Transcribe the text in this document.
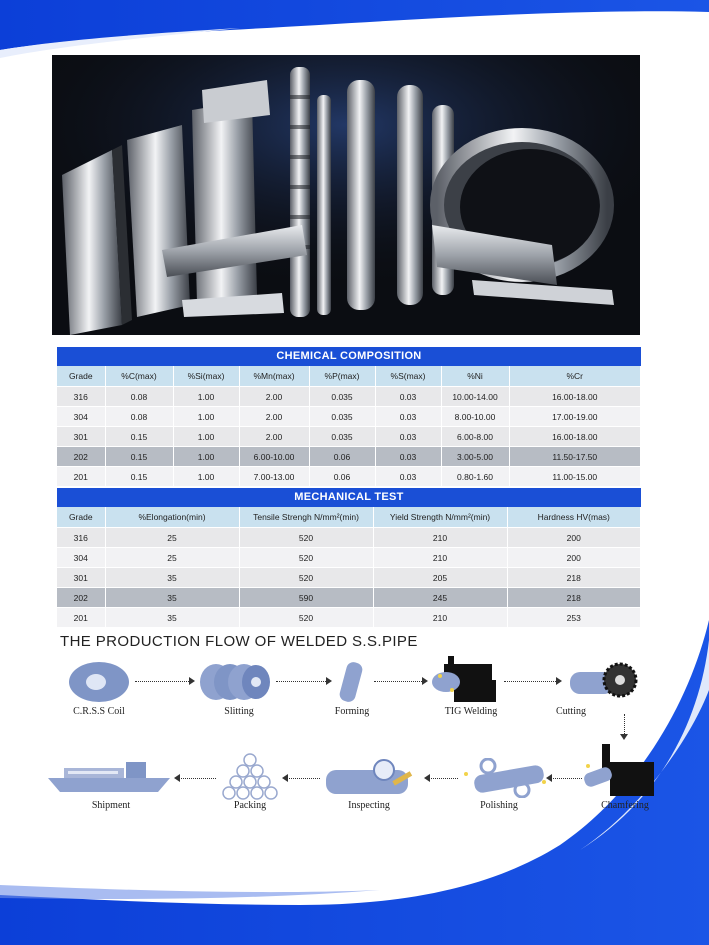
CHEMICAL COMPOSITION
Grade	%C(max)	%Si(max)	%Mn(max)	%P(max)	%S(max)	%Ni	%Cr
316	0.08	1.00	2.00	0.035	0.03	10.00-14.00	16.00-18.00
304	0.08	1.00	2.00	0.035	0.03	8.00-10.00	17.00-19.00
301	0.15	1.00	2.00	0.035	0.03	6.00-8.00	16.00-18.00
202	0.15	1.00	6.00-10.00	0.06	0.03	3.00-5.00	11.50-17.50
201	0.15	1.00	7.00-13.00	0.06	0.03	0.80-1.60	11.00-15.00
MECHANICAL TEST
Grade	%Elongation(min)	Tensile Strengh N/mm²(min)	Yield Strength N/mm²(min)	Hardness HV(mas)
316	25	520	210	200
304	25	520	210	200
301	35	520	205	218
202	35	590	245	218
201	35	520	210	253
THE PRODUCTION FLOW OF WELDED S.S.PIPE
C.R.S.S Coil	Slitting	Forming	TIG Welding	Cutting
Chamfering
Polishing
Inspecting
Packing
Shipment
